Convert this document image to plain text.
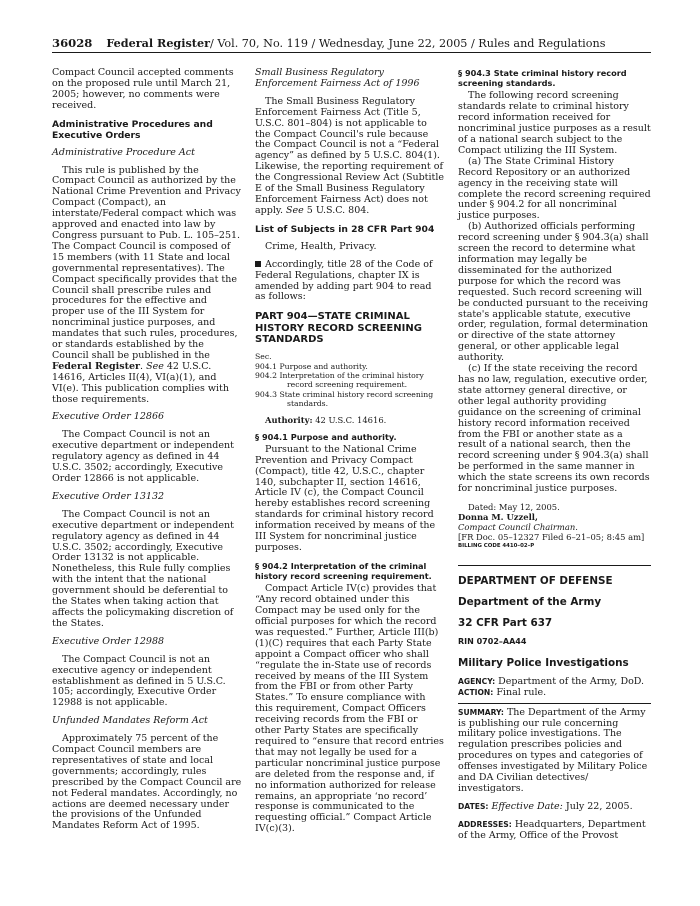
36028 Federal Register/ Vol. 70, No. 119 / Wednesday, June 22, 2005 / Rules and Regulations

Compact Council accepted comments on the proposed rule until March 21, 2005; however, no comments were received.

Administrative Procedures and Executive Orders

Administrative Procedure Act

This rule is published by the Compact Council as authorized by the National Crime Prevention and Privacy Compact (Compact), an interstate/Federal compact which was approved and enacted into law by Congress pursuant to Pub. L. 105–251. The Compact Council is composed of 15 members (with 11 State and local governmental representatives). The Compact specifically provides that the Council shall prescribe rules and procedures for the effective and proper use of the III System for noncriminal justice purposes, and mandates that such rules, procedures, or standards established by the Council shall be published in the Federal Register. See 42 U.S.C. 14616, Articles II(4), VI(a)(1), and VI(e). This publication complies with those requirements.

Executive Order 12866

The Compact Council is not an executive department or independent regulatory agency as defined in 44 U.S.C. 3502; accordingly, Executive Order 12866 is not applicable.

Executive Order 13132

The Compact Council is not an executive department or independent regulatory agency as defined in 44 U.S.C. 3502; accordingly, Executive Order 13132 is not applicable. Nonetheless, this Rule fully complies with the intent that the national government should be deferential to the States when taking action that affects the policymaking discretion of the States.

Executive Order 12988

The Compact Council is not an executive agency or independent establishment as defined in 5 U.S.C. 105; accordingly, Executive Order 12988 is not applicable.

Unfunded Mandates Reform Act

Approximately 75 percent of the Compact Council members are representatives of state and local governments; accordingly, rules prescribed by the Compact Council are not Federal mandates. Accordingly, no actions are deemed necessary under the provisions of the Unfunded Mandates Reform Act of 1995.

Small Business Regulatory Enforcement Fairness Act of 1996

The Small Business Regulatory Enforcement Fairness Act (Title 5, U.S.C. 801–804) is not applicable to the Compact Council's rule because the Compact Council is not a “Federal agency” as defined by 5 U.S.C. 804(1). Likewise, the reporting requirement of the Congressional Review Act (Subtitle E of the Small Business Regulatory Enforcement Fairness Act) does not apply. See 5 U.S.C. 804.

List of Subjects in 28 CFR Part 904

Crime, Health, Privacy.

Accordingly, title 28 of the Code of Federal Regulations, chapter IX is amended by adding part 904 to read as follows:

PART 904—STATE CRIMINAL HISTORY RECORD SCREENING STANDARDS

Sec.

904.1 Purpose and authority.

904.2 Interpretation of the criminal history record screening requirement.

904.3 State criminal history record screening standards.

Authority: 42 U.S.C. 14616.

§ 904.1 Purpose and authority.

Pursuant to the National Crime Prevention and Privacy Compact (Compact), title 42, U.S.C., chapter 140, subchapter II, section 14616, Article IV (c), the Compact Council hereby establishes record screening standards for criminal history record information received by means of the III System for noncriminal justice purposes.

§ 904.2 Interpretation of the criminal history record screening requirement.

Compact Article IV(c) provides that “Any record obtained under this Compact may be used only for the official purposes for which the record was requested.” Further, Article III(b)(1)(C) requires that each Party State appoint a Compact officer who shall “regulate the in-State use of records received by means of the III System from the FBI or from other Party States.” To ensure compliance with this requirement, Compact Officers receiving records from the FBI or other Party States are specifically required to “ensure that record entries that may not legally be used for a particular noncriminal justice purpose are deleted from the response and, if no information authorized for release remains, an appropriate ‘no record’ response is communicated to the requesting official.” Compact Article IV(c)(3).

§ 904.3 State criminal history record screening standards.

The following record screening standards relate to criminal history record information received for noncriminal justice purposes as a result of a national search subject to the Compact utilizing the III System.

(a) The State Criminal History Record Repository or an authorized agency in the receiving state will complete the record screening required under § 904.2 for all noncriminal justice purposes.

(b) Authorized officials performing record screening under § 904.3(a) shall screen the record to determine what information may legally be disseminated for the authorized purpose for which the record was requested. Such record screening will be conducted pursuant to the receiving state's applicable statute, executive order, regulation, formal determination or directive of the state attorney general, or other applicable legal authority.

(c) If the state receiving the record has no law, regulation, executive order, state attorney general directive, or other legal authority providing guidance on the screening of criminal history record information received from the FBI or another state as a result of a national search, then the record screening under § 904.3(a) shall be performed in the same manner in which the state screens its own records for noncriminal justice purposes.

Dated: May 12, 2005.

Donna M. Uzzell,

Compact Council Chairman.

[FR Doc. 05–12327 Filed 6–21–05; 8:45 am]

BILLING CODE 4410–02–P

DEPARTMENT OF DEFENSE

Department of the Army

32 CFR Part 637

RIN 0702–AA44

Military Police Investigations

AGENCY: Department of the Army, DoD.

ACTION: Final rule.

SUMMARY: The Department of the Army is publishing our rule concerning military police investigations. The regulation prescribes policies and procedures on types and categories of offenses investigated by Military Police and DA Civilian detectives/ investigators.

DATES: Effective Date: July 22, 2005.

ADDRESSES: Headquarters, Department of the Army, Office of the Provost
